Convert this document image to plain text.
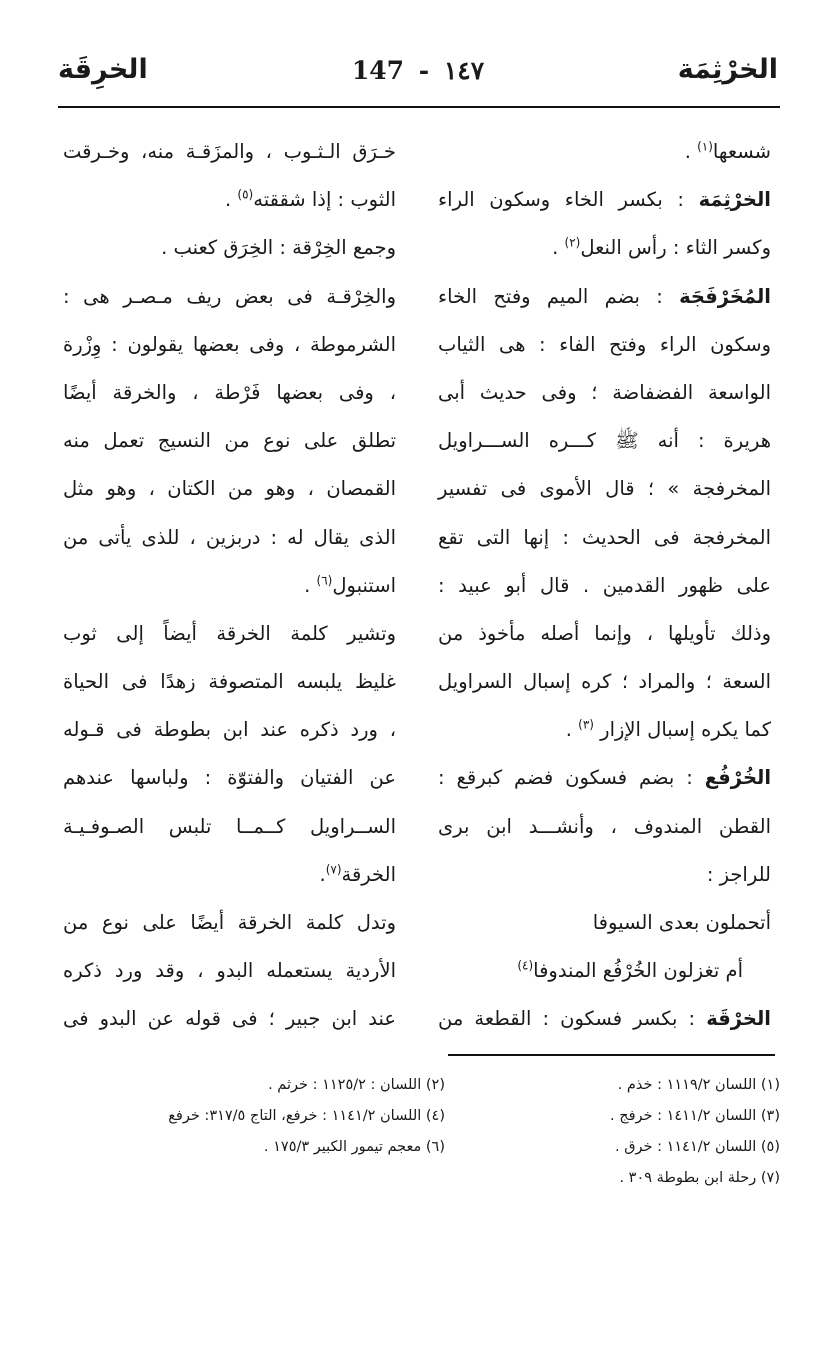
الخرْثِمَة
147 - ١٤٧
الخرِقَة
شسعها$^{(١)}$ .
الخرْثِمَة : بكسر الخاء وسكون الراء
وكسر الثاء : رأس النعل$^{(٢)}$ .
المُخَرْفَجَة : بضم الميم وفتح الخاء
وسكون الراء وفتح الفاء : هى الثياب
الواسعة الفضفاضة ؛ وفى حديث أبى
هريرة : أنه ﷺ كـــره الســـراويل
المخرفجة » ؛ قال الأموى فى تفسير
المخرفجة فى الحديث : إنها التى تقع
على ظهور القدمين . قال أبو عبيد :
وذلك تأويلها ، وإنما أصله مأخوذ من
السعة ؛ والمراد ؛ كره إسبال السراويل
كما يكره إسبال الإزار $^{(٣)}$ .
الخُرْفُع : بضم فسكون فضم كبرقع :
القطن المندوف ، وأنشـــد ابن برى
للراجز :
أتحملون بعدى السيوفا
أم تغزلون الخُرْفُع المندوفا$^{(٤)}$
الخرْقَة : بكسر فسكون : القطعة من
خـرَق الـثـوب ، والمزَقـة منه، وخـرقت
الثوب : إذا شققته$^{(٥)}$ .
وجمع الخِرْقة : الخِرَق كعنب .
والخِرْقـة فى بعض ريف مـصـر هى :
الشرموطة ، وفى بعضها يقولون : وِزْرة
، وفى بعضها فَرْطة ، والخرقة أيضًا
تطلق على نوع من النسيج تعمل منه
القمصان ، وهو من الكتان ، وهو مثل
الذى يقال له : دربزين ، للذى يأتى من
استنبول$^{(٦)}$ .
وتشير كلمة الخرقة أيضاً إلى ثوب
غليظ يلبسه المتصوفة زهدًا فى الحياة
، ورد ذكره عند ابن بطوطة فى قـوله
عن الفتيان والفتوّة : ولباسها عندهم
الســراويل كــمــا تلبس الصـوفـيـة
الخرقة$^{(٧)}$.
وتدل كلمة الخرقة أيضًا على نوع من
الأردية يستعمله البدو ، وقد ورد ذكره
عند ابن جبير ؛ فى قوله عن البدو فى
(١) اللسان ١١١٩/٢ : خذم .
(٢) اللسان : ١١٢٥/٢ : خرثم .
(٣) اللسان ١٤١١/٢ : خرفج .
(٤) اللسان ١١٤١/٢ : خرفع، التاج ٣١٧/٥: خرفع
(٥) اللسان ١١٤١/٢ : خرق .
(٦) معجم تيمور الكبير ١٧٥/٣ .
(٧) رحلة ابن بطوطة ٣٠٩ .
